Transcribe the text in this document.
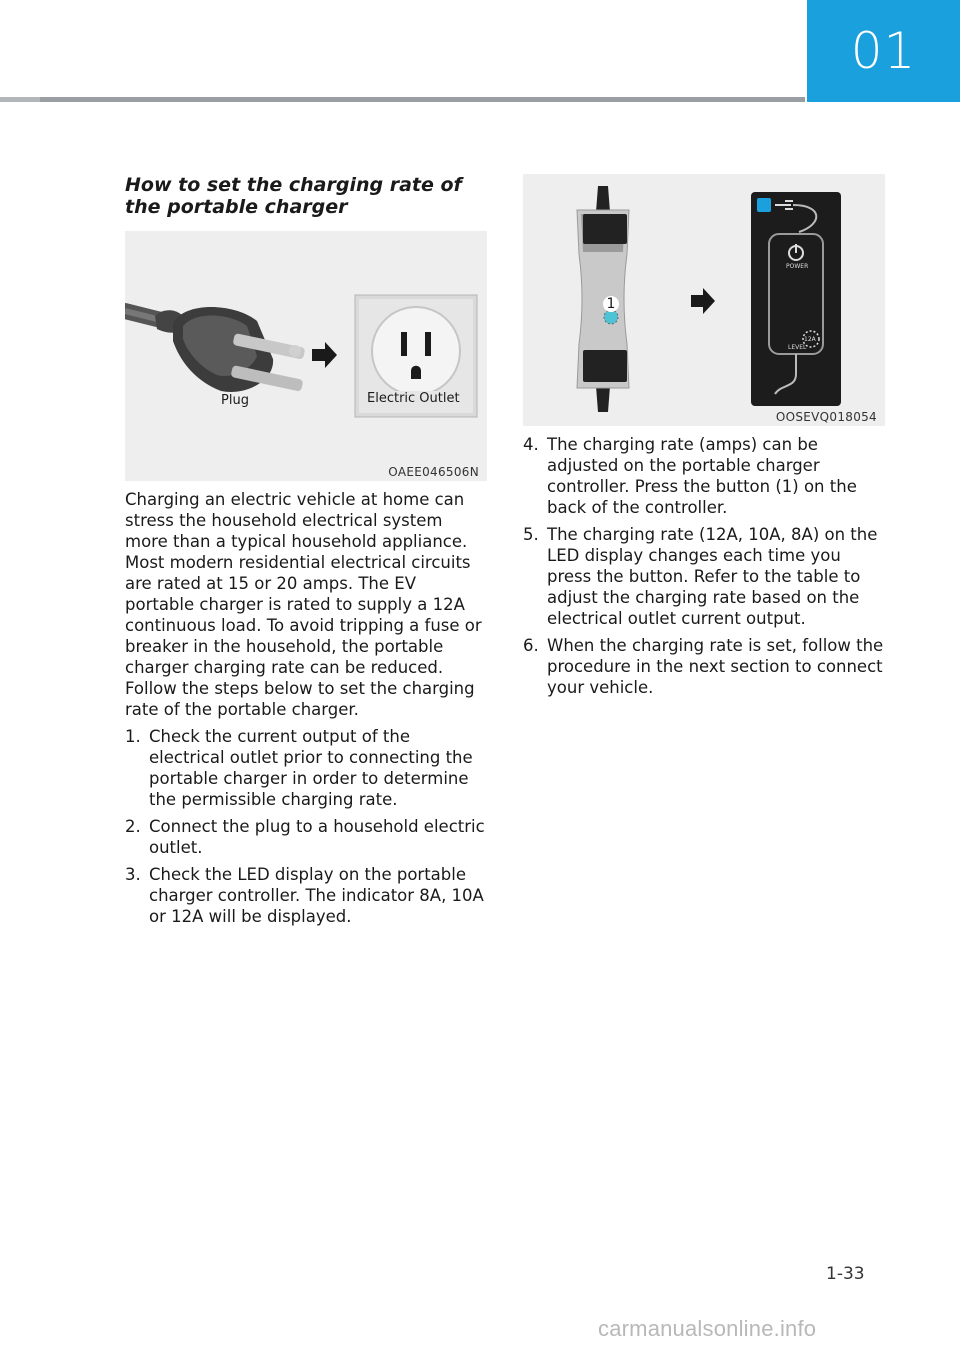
01
How to set the charging rate of the portable charger
Plug	Electric Outlet
OAEE046506N

Charging an electric vehicle at home can stress the household electrical system more than a typical household appliance. Most modern residential electrical circuits are rated at 15 or 20 amps. The EV portable charger is rated to supply a 12A continuous load. To avoid tripping a fuse or breaker in the household, the portable charger charging rate can be reduced. Follow the steps below to set the charging rate of the portable charger.

1. Check the current output of the electrical outlet prior to connecting the portable charger in order to determine the permissible charging rate.
2. Connect the plug to a household electric outlet.
3. Check the LED display on the portable charger controller. The indicator 8A, 10A or 12A will be displayed.
1
POWER
12A
LEVEL
OOSEVQ018054
4. The charging rate (amps) can be adjusted on the portable charger controller. Press the button (1) on the back of the controller.
5. The charging rate (12A, 10A, 8A) on the LED display changes each time you press the button. Refer to the table to adjust the charging rate based on the electrical outlet current output.
6. When the charging rate is set, follow the procedure in the next section to connect your vehicle.
1-33
carmanualsonline.info
